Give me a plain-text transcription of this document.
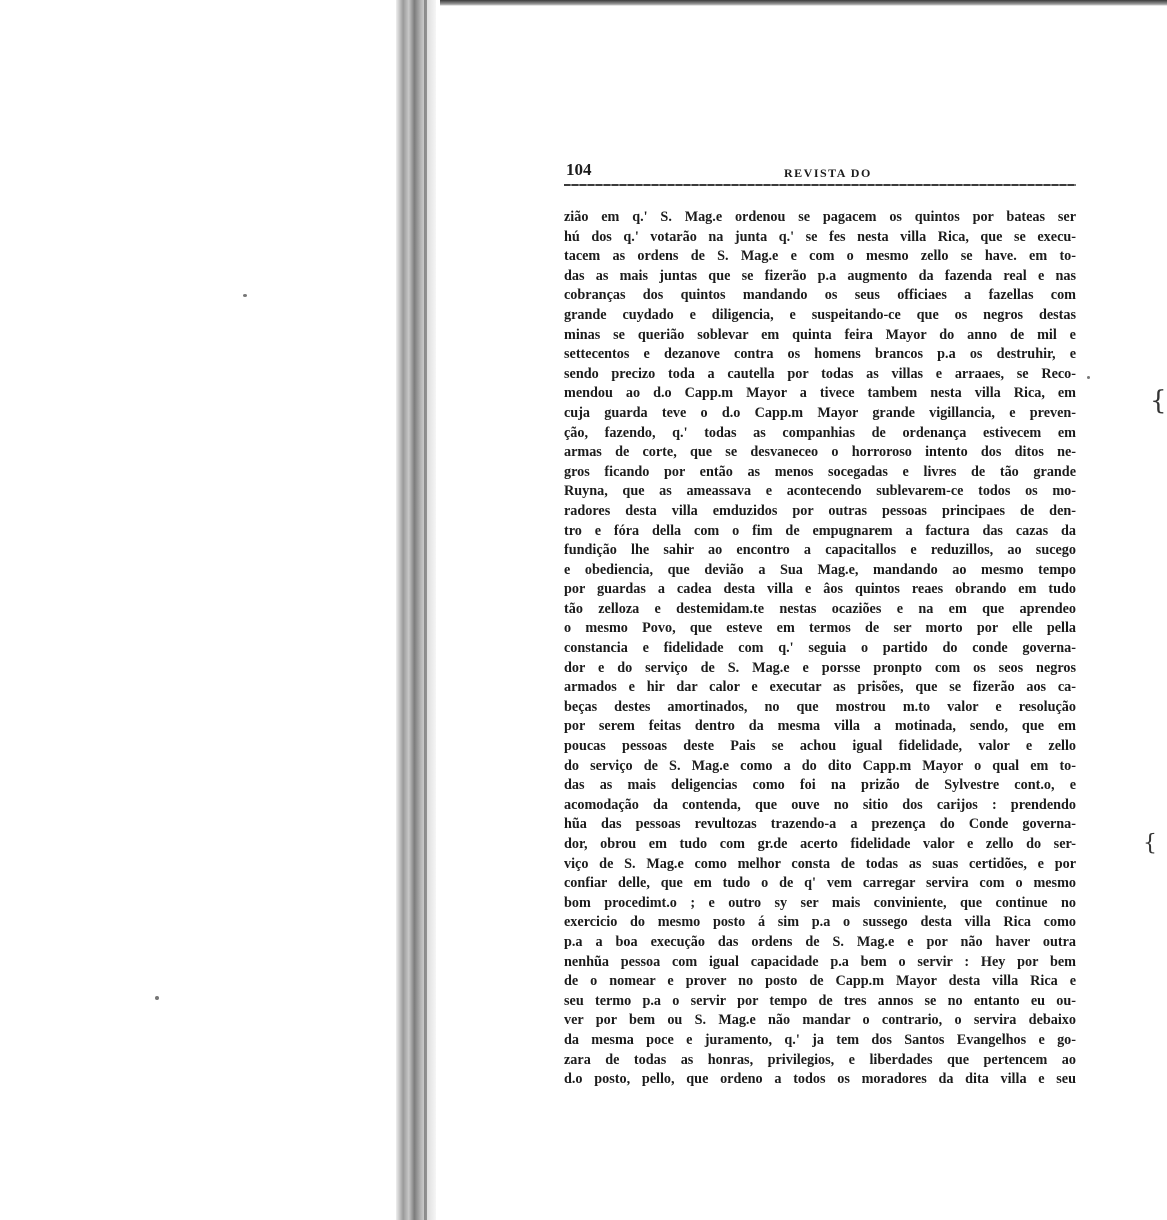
{
{
104	REVISTA DO
zião em q.' S. Mag.e ordenou se pagacem os quintos por bateas ser
hú dos q.' votarão na junta q.' se fes nesta villa Rica, que se execu-
tacem as ordens de S. Mag.e e com o mesmo zello se have. em to-
das as mais juntas que se fizerão p.a augmento da fazenda real e nas
cobranças dos quintos mandando os seus officiaes a fazellas com
grande cuydado e diligencia, e suspeitando-ce que os negros destas
minas se querião soblevar em quinta feira Mayor do anno de mil e
settecentos e dezanove contra os homens brancos p.a os destruhir, e
sendo precizo toda a cautella por todas as villas e arraaes, se Reco-
mendou ao d.o Capp.m Mayor a tivece tambem nesta villa Rica, em
cuja guarda teve o d.o Capp.m Mayor grande vigillancia, e preven-
ção, fazendo, q.' todas as companhias de ordenança estivecem em
armas de corte, que se desvaneceo o horroroso intento dos ditos ne-
gros ficando por então as menos socegadas e livres de tão grande
Ruyna, que as ameassava e acontecendo sublevarem-ce todos os mo-
radores desta villa emduzidos por outras pessoas principaes de den-
tro e fóra della com o fim de empugnarem a factura das cazas da
fundição lhe sahir ao encontro a capacitallos e reduzillos, ao sucego
e obediencia, que devião a Sua Mag.e, mandando ao mesmo tempo
por guardas a cadea desta villa e âos quintos reaes obrando em tudo
tão zelloza e destemidam.te nestas ocaziões e na em que aprendeo
o mesmo Povo, que esteve em termos de ser morto por elle pella
constancia e fidelidade com q.' seguia o partido do conde governa-
dor e do serviço de S. Mag.e e porsse pronpto com os seos negros
armados e hir dar calor e executar as prisões, que se fizerão aos ca-
beças destes amortinados, no que mostrou m.to valor e resolução
por serem feitas dentro da mesma villa a motinada, sendo, que em
poucas pessoas deste Pais se achou igual fidelidade, valor e zello
do serviço de S. Mag.e como a do dito Capp.m Mayor o qual em to-
das as mais deligencias como foi na prizão de Sylvestre cont.o, e
acomodação da contenda, que ouve no sitio dos carijos : prendendo
hũa das pessoas revultozas trazendo-a a prezença do Conde governa-
dor, obrou em tudo com gr.de acerto fidelidade valor e zello do ser-
viço de S. Mag.e como melhor consta de todas as suas certidões, e por
confiar delle, que em tudo o de q' vem carregar servira com o mesmo
bom procedimt.o ; e outro sy ser mais conviniente, que continue no
exercicio do mesmo posto á sim p.a o sussego desta villa Rica como
p.a a boa execução das ordens de S. Mag.e e por não haver outra
nenhũa pessoa com igual capacidade p.a bem o servir : Hey por bem
de o nomear e prover no posto de Capp.m Mayor desta villa Rica e
seu termo p.a o servir por tempo de tres annos se no entanto eu ou-
ver por bem ou S. Mag.e não mandar o contrario, o servira debaixo
da mesma poce e juramento, q.' ja tem dos Santos Evangelhos e go-
zara de todas as honras, privilegios, e liberdades que pertencem ao
d.o posto, pello, que ordeno a todos os moradores da dita villa e seu
